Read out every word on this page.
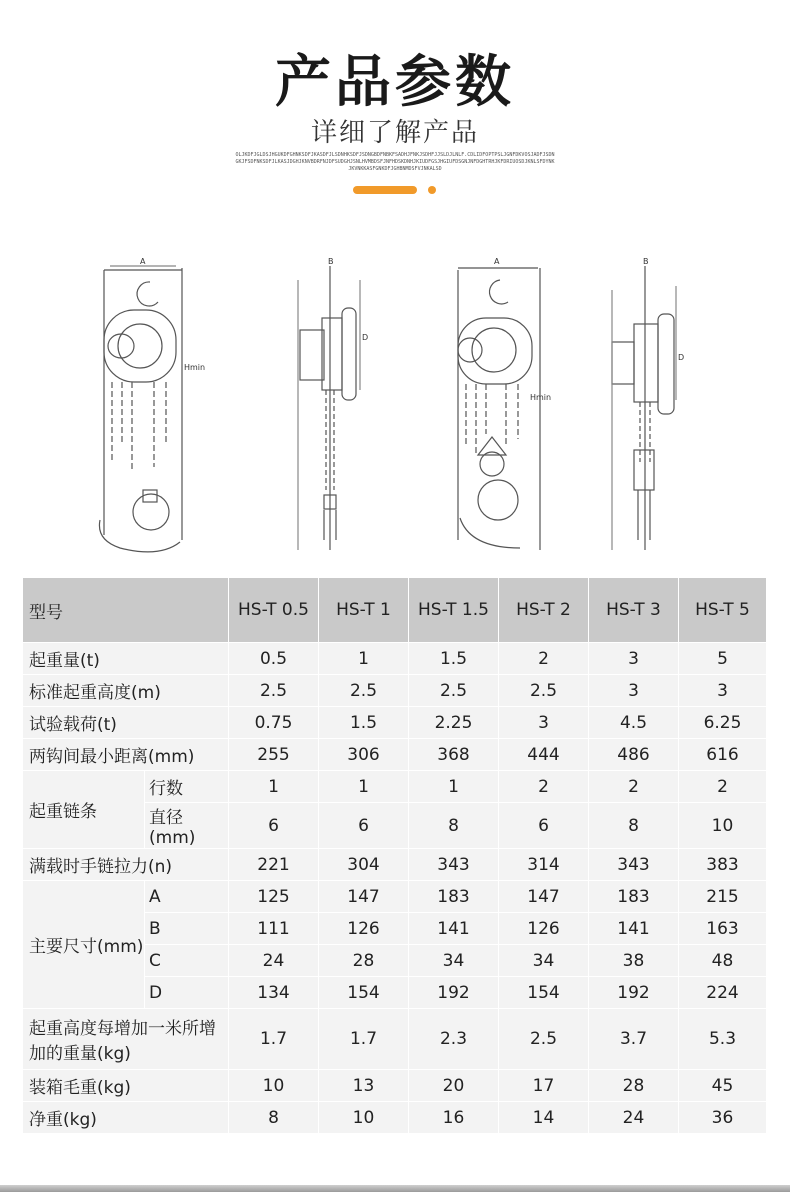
产品参数
详细了解产品
OLJKDFJGLDSJHGUKDFGHNKSDFJKASDFJLSDNHKSDFJSDNGBDFNBKFSADHJFNKJSDHFJJSLDJLNLF.CDLIDFOPTPSLJGNFDKVOSJADFJSDNGKJFSDFNKSDFJLKASJDGHJKNVBDRFNJDFSUDGHJSNLHVMBDSFJNFHDSKDNHJKIUDFGSJHGIUFDSGNJNFDGHTRHJKFDRIUOSDJKNLSFDYNKJKVNKKASFGNKDFJGHBNMDSFVJNKALSD
A
Hmin
B
D
A
Hmin
B
D
型号		HS-T 0.5	HS-T 1	HS-T 1.5	HS-T 2	HS-T 3	HS-T 5
起重量(t)		0.5	1	1.5	2	3	5
标准起重高度(m)		2.5	2.5	2.5	2.5	3	3
试验载荷(t)		0.75	1.5	2.25	3	4.5	6.25
两钩间最小距离(mm)		255	306	368	444	486	616
起重链条	行数	1	1	1	2	2	2
	直径(mm)	6	6	8	6	8	10
满载时手链拉力(n)		221	304	343	314	343	383
主要尺寸(mm)	A	125	147	183	147	183	215
	B	111	126	141	126	141	163
	C	24	28	34	34	38	48
	D	134	154	192	154	192	224
起重高度每增加一米所增加的重量(kg)		1.7	1.7	2.3	2.5	3.7	5.3
装箱毛重(kg)		10	13	20	17	28	45
净重(kg)		8	10	16	14	24	36
